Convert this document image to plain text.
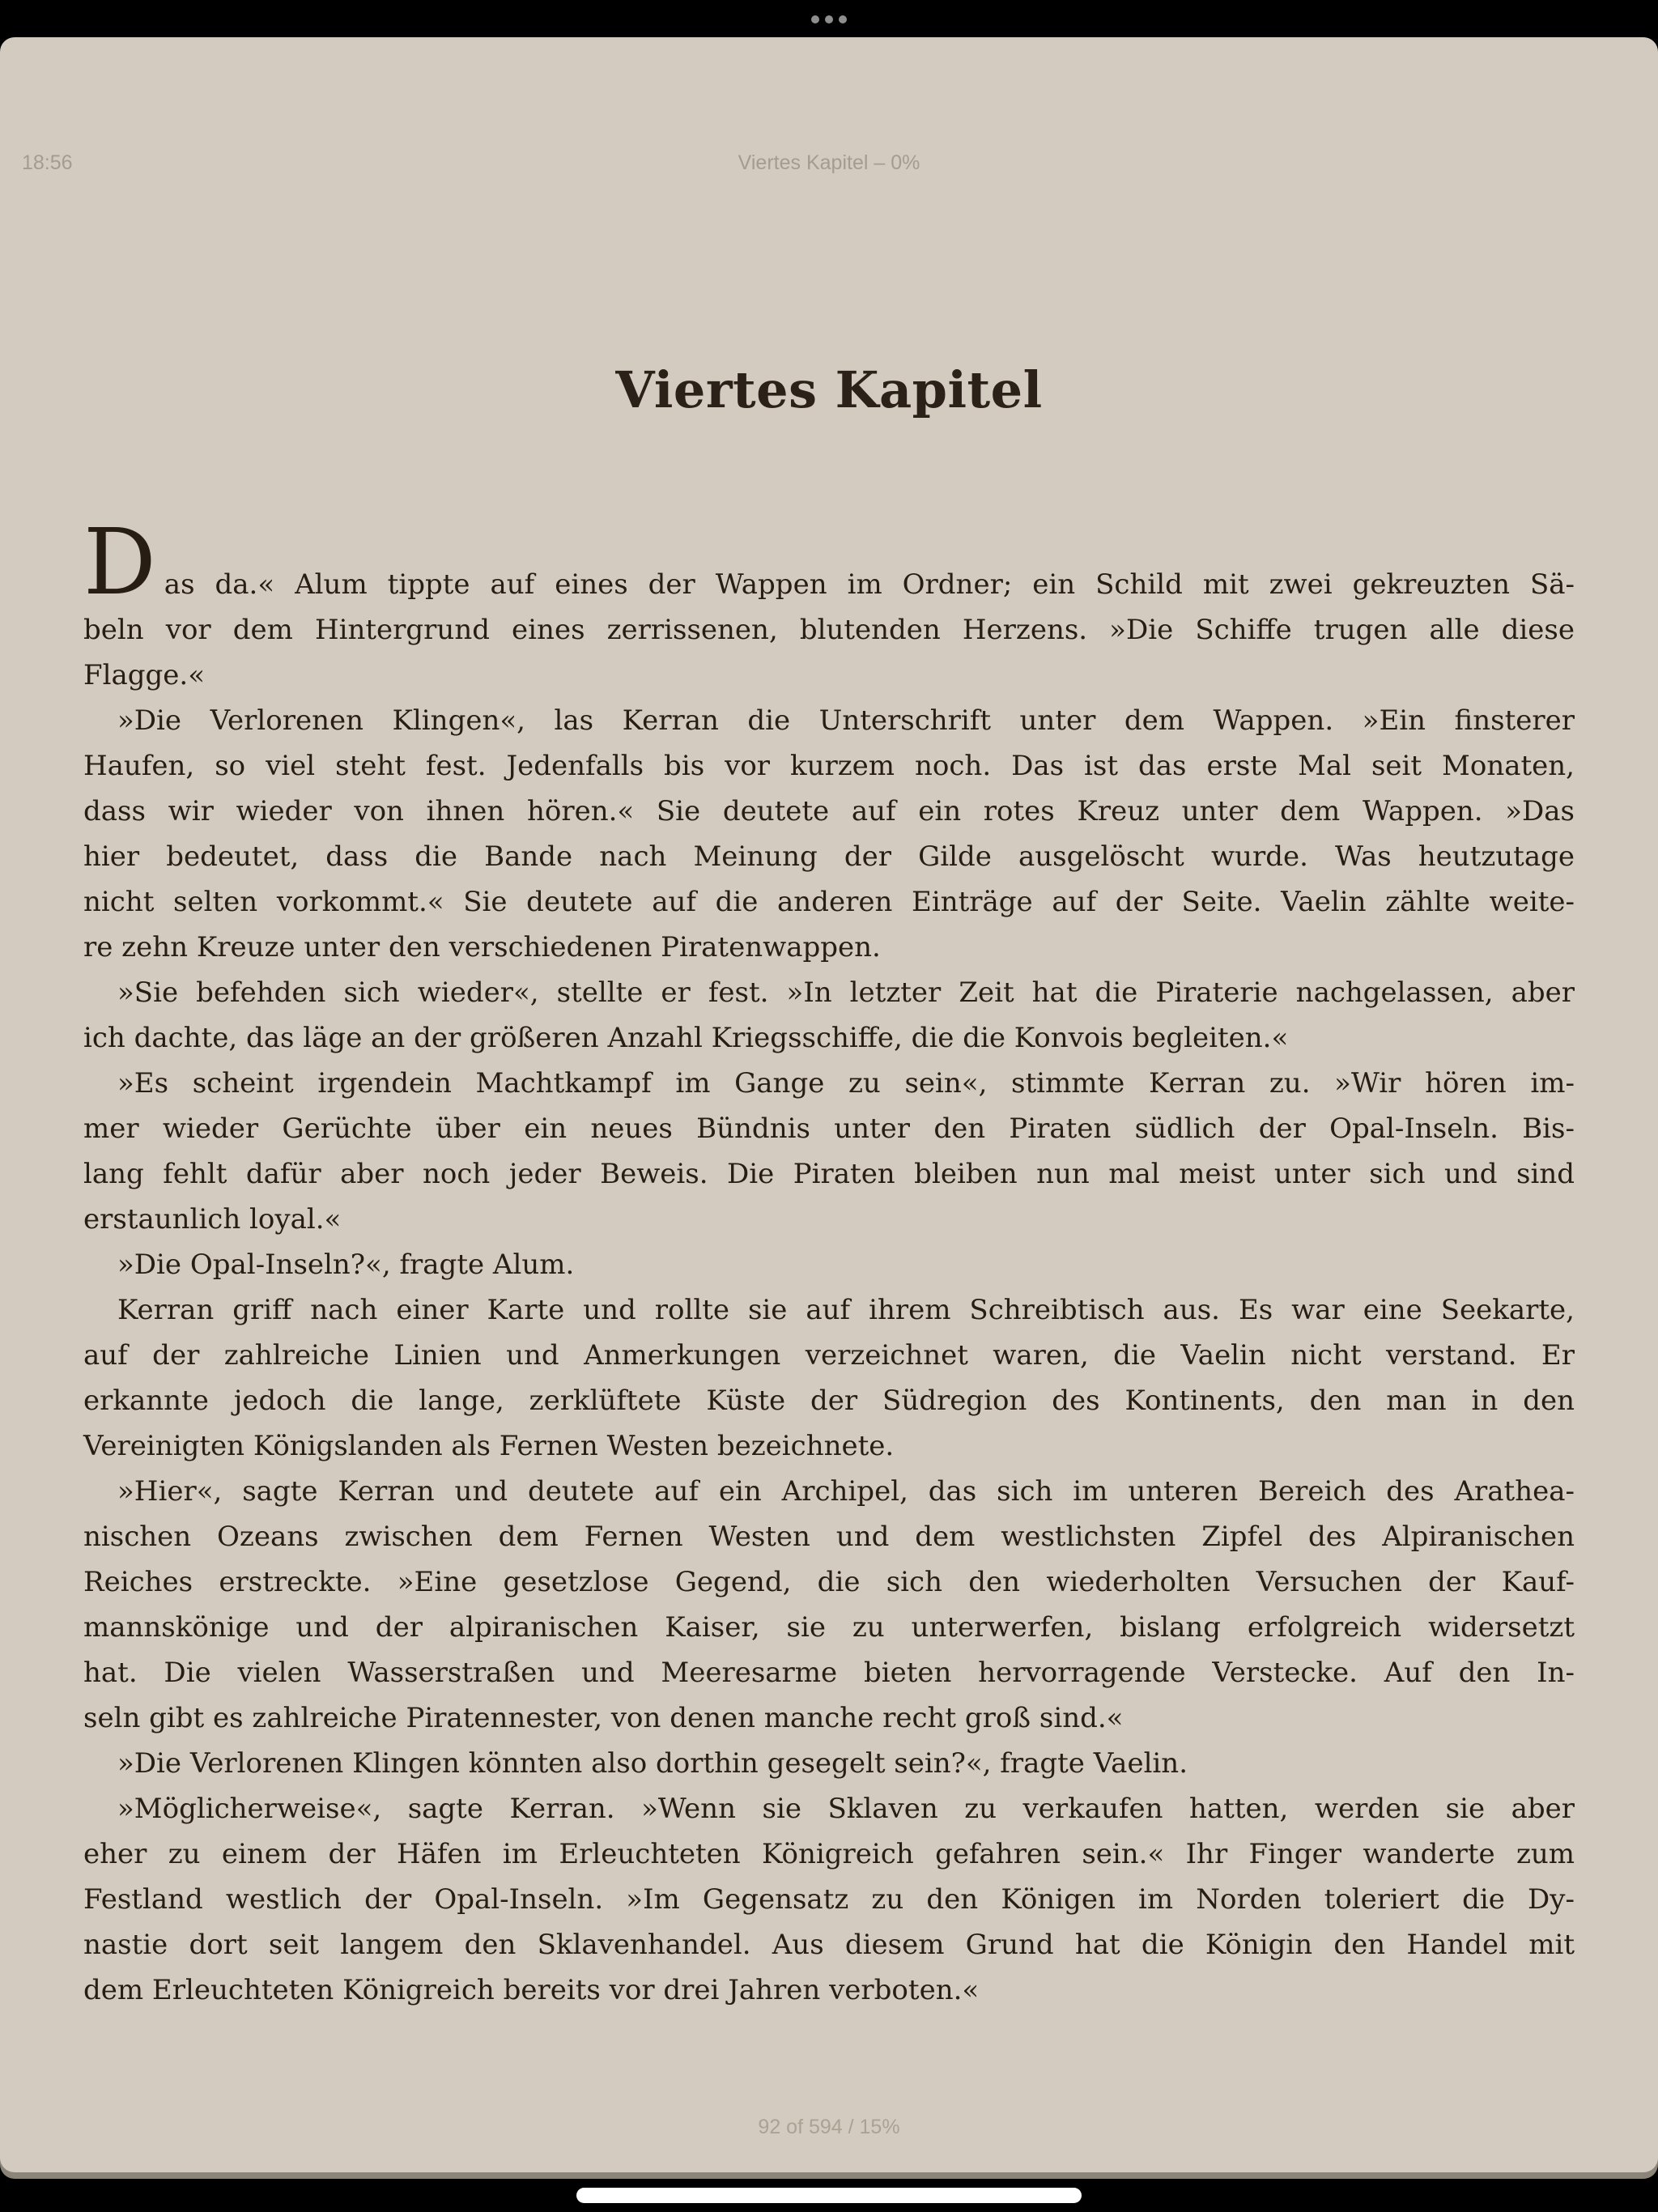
18:56	Viertes Kapitel – 0%
Viertes Kapitel
Das da.« Alum tippte auf eines der Wappen im Ordner; ein Schild mit zwei gekreuzten Sä-
beln vor dem Hintergrund eines zerrissenen, blutenden Herzens. »Die Schiffe trugen alle diese
Flagge.«
»Die Verlorenen Klingen«, las Kerran die Unterschrift unter dem Wappen. »Ein finsterer
Haufen, so viel steht fest. Jedenfalls bis vor kurzem noch. Das ist das erste Mal seit Monaten,
dass wir wieder von ihnen hören.« Sie deutete auf ein rotes Kreuz unter dem Wappen. »Das
hier bedeutet, dass die Bande nach Meinung der Gilde ausgelöscht wurde. Was heutzutage
nicht selten vorkommt.« Sie deutete auf die anderen Einträge auf der Seite. Vaelin zählte weite-
re zehn Kreuze unter den verschiedenen Piratenwappen.
»Sie befehden sich wieder«, stellte er fest. »In letzter Zeit hat die Piraterie nachgelassen, aber
ich dachte, das läge an der größeren Anzahl Kriegsschiffe, die die Konvois begleiten.«
»Es scheint irgendein Machtkampf im Gange zu sein«, stimmte Kerran zu. »Wir hören im-
mer wieder Gerüchte über ein neues Bündnis unter den Piraten südlich der Opal-Inseln. Bis-
lang fehlt dafür aber noch jeder Beweis. Die Piraten bleiben nun mal meist unter sich und sind
erstaunlich loyal.«
»Die Opal-Inseln?«, fragte Alum.
Kerran griff nach einer Karte und rollte sie auf ihrem Schreibtisch aus. Es war eine Seekarte,
auf der zahlreiche Linien und Anmerkungen verzeichnet waren, die Vaelin nicht verstand. Er
erkannte jedoch die lange, zerklüftete Küste der Südregion des Kontinents, den man in den
Vereinigten Königslanden als Fernen Westen bezeichnete.
»Hier«, sagte Kerran und deutete auf ein Archipel, das sich im unteren Bereich des Arathea-
nischen Ozeans zwischen dem Fernen Westen und dem westlichsten Zipfel des Alpiranischen
Reiches erstreckte. »Eine gesetzlose Gegend, die sich den wiederholten Versuchen der Kauf-
mannskönige und der alpiranischen Kaiser, sie zu unterwerfen, bislang erfolgreich widersetzt
hat. Die vielen Wasserstraßen und Meeresarme bieten hervorragende Verstecke. Auf den In-
seln gibt es zahlreiche Piratennester, von denen manche recht groß sind.«
»Die Verlorenen Klingen könnten also dorthin gesegelt sein?«, fragte Vaelin.
»Möglicherweise«, sagte Kerran. »Wenn sie Sklaven zu verkaufen hatten, werden sie aber
eher zu einem der Häfen im Erleuchteten Königreich gefahren sein.« Ihr Finger wanderte zum
Festland westlich der Opal-Inseln. »Im Gegensatz zu den Königen im Norden toleriert die Dy-
nastie dort seit langem den Sklavenhandel. Aus diesem Grund hat die Königin den Handel mit
dem Erleuchteten Königreich bereits vor drei Jahren verboten.«
92 of 594 / 15%
